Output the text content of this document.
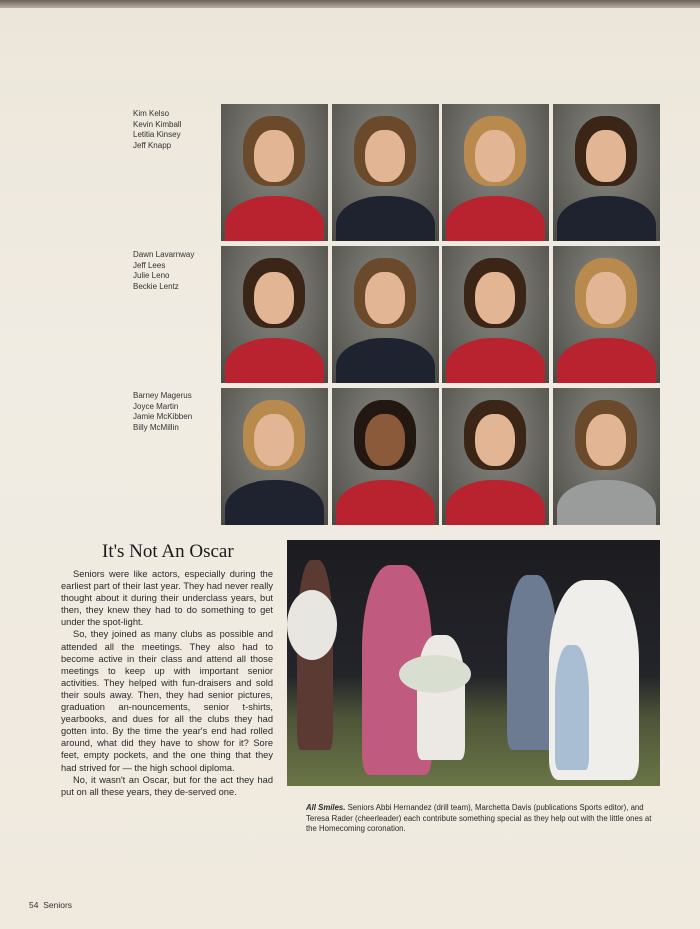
Kim Kelso
Kevin Kimball
Letitia Kinsey
Jeff Knapp
Dawn Lavarnway
Jeff Lees
Julie Leno
Beckie Lentz
Barney Magerus
Joyce Martin
Jamie McKibben
Billy McMillin
It's Not An Oscar

Seniors were like actors, especially during the earliest part of their last year. They had never really thought about it during their underclass years, but then, they knew they had to do something to get under the spot-light.

So, they joined as many clubs as possible and attended all the meetings. They also had to become active in their class and attend all those meetings to keep up with important senior activities. They helped with fun-draisers and sold their souls away. Then, they had senior pictures, graduation an-nouncements, senior t-shirts, yearbooks, and dues for all the clubs they had gotten into. By the time the year's end had rolled around, what did they have to show for it? Sore feet, empty pockets, and the one thing that they had strived for — the high school diploma.

No, it wasn't an Oscar, but for the act they had put on all these years, they de-served one.

All Smiles. Seniors Abbi Hernandez (drill team), Marchetta Davis (publications Sports editor), and Teresa Rader (cheerleader) each contribute something special as they help out with the little ones at the Homecoming coronation.
54 Seniors
